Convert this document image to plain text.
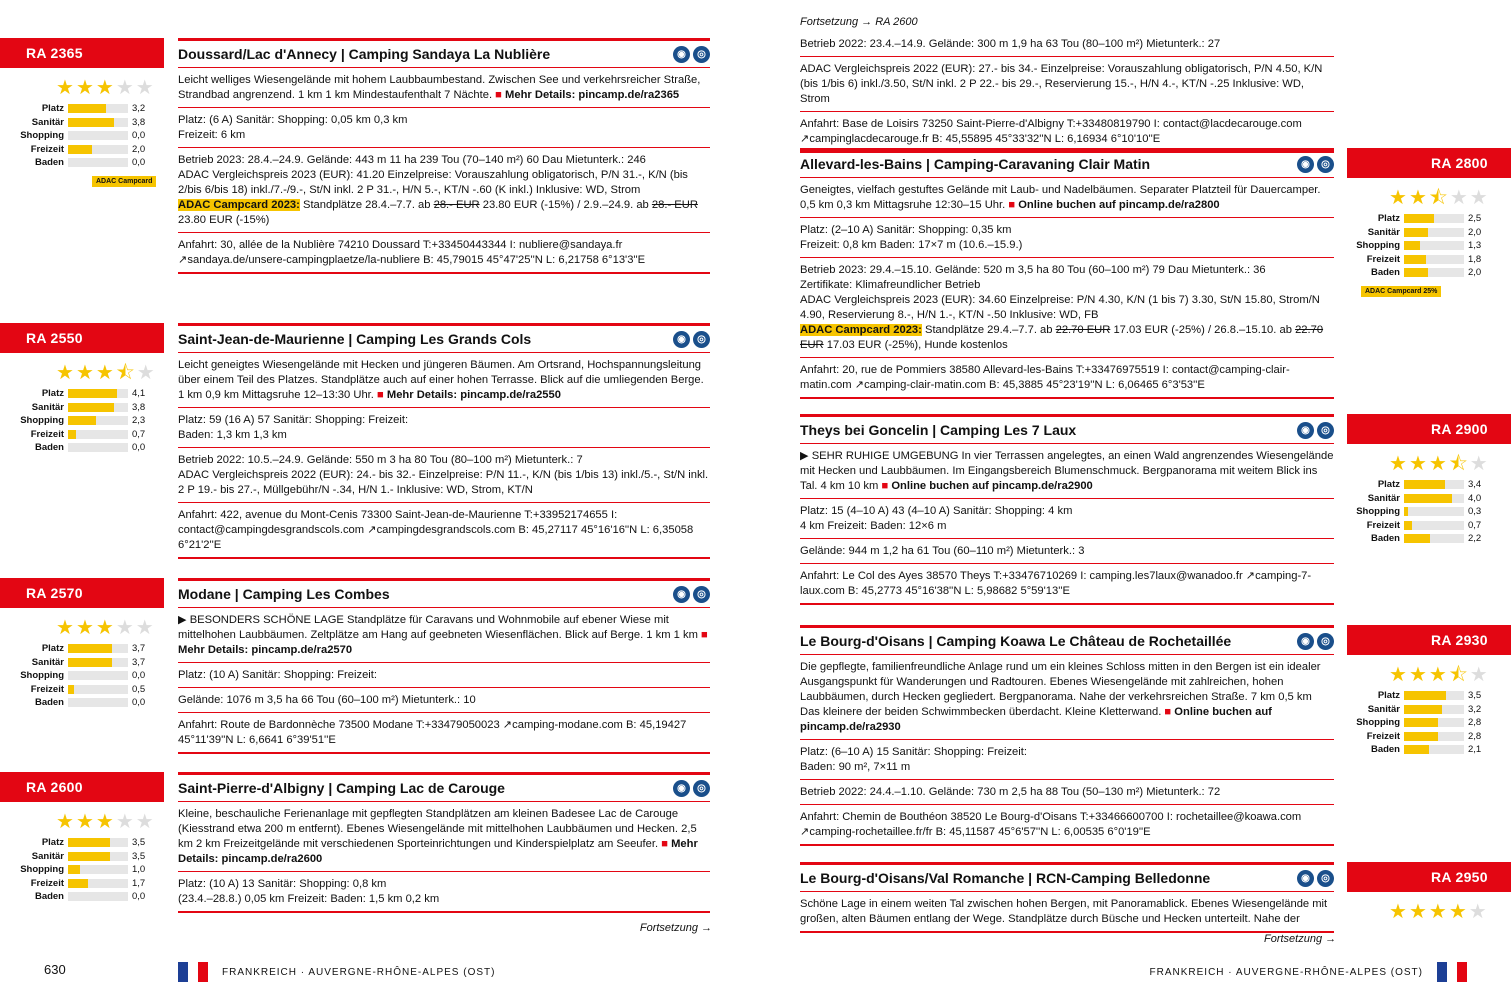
Fortsetzung →
630	FRANKREICH · AUVERGNE-RHÔNE-ALPES (OST)
RA 2365
★ ★ ★ ★ ★
Platz	3,2
Sanitär	3,8
Shopping	0,0
Freizeit	2,0
Baden	0,0
ADAC Campcard
Doussard/Lac d'Annecy | Camping Sandaya La Nublière	◉	◎
Leicht welliges Wiesengelände mit hohem Laubbaumbestand. Zwischen See und verkehrsreicher Straße, Strandbad angrenzend. 1 km 1 km Mindestaufenthalt 7 Nächte. ■ Mehr Details: pincamp.de/ra2365
Platz: (6 A) Sanitär: Shopping: 0,05 km 0,3 km
Freizeit: 6 km
Betrieb 2023: 28.4.–24.9. Gelände: 443 m 11 ha 239 Tou (70–140 m²) 60 Dau Mietunterk.: 246
ADAC Vergleichspreis 2023 (EUR): 41.20 Einzelpreise: Vorauszahlung obligatorisch, P/N 31.-, K/N (bis 2/bis 6/bis 18) inkl./7.-/9.-, St/N inkl. 2 P 31.-, H/N 5.-, KT/N -.60 (K inkl.) Inklusive: WD, Strom
ADAC Campcard 2023: Standplätze 28.4.–7.7. ab 28.- EUR 23.80 EUR (-15%) / 2.9.–24.9. ab 28.- EUR 23.80 EUR (-15%)
Anfahrt: 30, allée de la Nublière 74210 Doussard T:+33450443344 I: nubliere@sandaya.fr ↗sandaya.de/unsere-campingplaetze/la-nubliere B: 45,79015 45°47'25''N L: 6,21758 6°13'3''E
RA 2550
★ ★ ★ ⯪ ★
Platz	4,1
Sanitär	3,8
Shopping	2,3
Freizeit	0,7
Baden	0,0
Saint-Jean-de-Maurienne | Camping Les Grands Cols	◉	◎
Leicht geneigtes Wiesengelände mit Hecken und jüngeren Bäumen. Am Ortsrand, Hochspannungsleitung über einem Teil des Platzes. Standplätze auch auf einer hohen Terrasse. Blick auf die umliegenden Berge. 1 km 0,9 km Mittagsruhe 12–13:30 Uhr. ■ Mehr Details: pincamp.de/ra2550
Platz: 59 (16 A) 57 Sanitär: Shopping: Freizeit:
Baden: 1,3 km 1,3 km
Betrieb 2022: 10.5.–24.9. Gelände: 550 m 3 ha 80 Tou (80–100 m²) Mietunterk.: 7
ADAC Vergleichspreis 2022 (EUR): 24.- bis 32.- Einzelpreise: P/N 11.-, K/N (bis 1/bis 13) inkl./5.-, St/N inkl. 2 P 19.- bis 27.-, Müllgebühr/N -.34, H/N 1.- Inklusive: WD, Strom, KT/N
Anfahrt: 422, avenue du Mont-Cenis 73300 Saint-Jean-de-Maurienne T:+33952174655 I: contact@campingdesgrandscols.com ↗campingdesgrandscols.com B: 45,27117 45°16'16''N L: 6,35058 6°21'2''E
RA 2570
★ ★ ★ ★ ★
Platz	3,7
Sanitär	3,7
Shopping	0,0
Freizeit	0,5
Baden	0,0
Modane | Camping Les Combes	◉	◎
▶ BESONDERS SCHÖNE LAGE Standplätze für Caravans und Wohnmobile auf ebener Wiese mit mittelhohen Laubbäumen. Zeltplätze am Hang auf geebneten Wiesenflächen. Blick auf Berge. 1 km 1 km ■ Mehr Details: pincamp.de/ra2570
Platz: (10 A) Sanitär: Shopping: Freizeit:
Gelände: 1076 m 3,5 ha 66 Tou (60–100 m²) Mietunterk.: 10
Anfahrt: Route de Bardonnèche 73500 Modane T:+33479050023 ↗camping-modane.com B: 45,19427 45°11'39''N L: 6,6641 6°39'51''E
RA 2600
★ ★ ★ ★ ★
Platz	3,5
Sanitär	3,5
Shopping	1,0
Freizeit	1,7
Baden	0,0
Saint-Pierre-d'Albigny | Camping Lac de Carouge	◉	◎
Kleine, beschauliche Ferienanlage mit gepflegten Standplätzen am kleinen Badesee Lac de Carouge (Kiesstrand etwa 200 m entfernt). Ebenes Wiesengelände mit mittelhohen Laubbäumen und Hecken. 2,5 km 2 km Freizeitgelände mit verschiedenen Sporteinrichtungen und Kinderspielplatz am Seeufer. ■ Mehr Details: pincamp.de/ra2600
Platz: (10 A) 13 Sanitär: Shopping: 0,8 km
(23.4.–28.8.) 0,05 km Freizeit: Baden: 1,5 km 0,2 km
Fortsetzung → RA 2600
Betrieb 2022: 23.4.–14.9. Gelände: 300 m 1,9 ha 63 Tou (80–100 m²) Mietunterk.: 27
ADAC Vergleichspreis 2022 (EUR): 27.- bis 34.- Einzelpreise: Vorauszahlung obligatorisch, P/N 4.50, K/N (bis 1/bis 6) inkl./3.50, St/N inkl. 2 P 22.- bis 29.-, Reservierung 15.-, H/N 4.-, KT/N -.25 Inklusive: WD, Strom
Anfahrt: Base de Loisirs 73250 Saint-Pierre-d'Albigny T:+33480819790 I: contact@lacdecarouge.com ↗campinglacdecarouge.fr B: 45,55895 45°33'32''N L: 6,16934 6°10'10''E
Fortsetzung →
FRANKREICH · AUVERGNE-RHÔNE-ALPES (OST)
RA 2800
★ ★ ⯪ ★ ★
Platz	2,5
Sanitär	2,0
Shopping	1,3
Freizeit	1,8
Baden	2,0
ADAC Campcard 25%
Allevard-les-Bains | Camping-Caravaning Clair Matin	◉	◎
Geneigtes, vielfach gestuftes Gelände mit Laub- und Nadelbäumen. Separater Platzteil für Dauercamper. 0,5 km 0,3 km Mittagsruhe 12:30–15 Uhr. ■ Online buchen auf pincamp.de/ra2800
Platz: (2–10 A) Sanitär: Shopping: 0,35 km
Freizeit: 0,8 km Baden: 17×7 m (10.6.–15.9.)
Betrieb 2023: 29.4.–15.10. Gelände: 520 m 3,5 ha 80 Tou (60–100 m²) 79 Dau Mietunterk.: 36
Zertifikate: Klimafreundlicher Betrieb
ADAC Vergleichspreis 2023 (EUR): 34.60 Einzelpreise: P/N 4.30, K/N (1 bis 7) 3.30, St/N 15.80, Strom/N 4.90, Reservierung 8.-, H/N 1.-, KT/N -.50 Inklusive: WD, FB
ADAC Campcard 2023: Standplätze 29.4.–7.7. ab 22.70 EUR 17.03 EUR (-25%) / 26.8.–15.10. ab 22.70 EUR 17.03 EUR (-25%), Hunde kostenlos
Anfahrt: 20, rue de Pommiers 38580 Allevard-les-Bains T:+33476975519 I: contact@camping-clair-matin.com ↗camping-clair-matin.com B: 45,3885 45°23'19''N L: 6,06465 6°3'53''E
RA 2900
★ ★ ★ ⯪ ★
Platz	3,4
Sanitär	4,0
Shopping	0,3
Freizeit	0,7
Baden	2,2
Theys bei Goncelin | Camping Les 7 Laux	◉	◎
▶ SEHR RUHIGE UMGEBUNG In vier Terrassen angelegtes, an einen Wald angrenzendes Wiesengelände mit Hecken und Laubbäumen. Im Eingangsbereich Blumenschmuck. Bergpanorama mit weitem Blick ins Tal. 4 km 10 km ■ Online buchen auf pincamp.de/ra2900
Platz: 15 (4–10 A) 43 (4–10 A) Sanitär: Shopping: 4 km
4 km Freizeit: Baden: 12×6 m
Gelände: 944 m 1,2 ha 61 Tou (60–110 m²) Mietunterk.: 3
Anfahrt: Le Col des Ayes 38570 Theys T:+33476710269 I: camping.les7laux@wanadoo.fr ↗camping-7-laux.com B: 45,2773 45°16'38''N L: 5,98682 5°59'13''E
RA 2930
★ ★ ★ ⯪ ★
Platz	3,5
Sanitär	3,2
Shopping	2,8
Freizeit	2,8
Baden	2,1
Le Bourg-d'Oisans | Camping Koawa Le Château de Rochetaillée	◉	◎
Die gepflegte, familienfreundliche Anlage rund um ein kleines Schloss mitten in den Bergen ist ein idealer Ausgangspunkt für Wanderungen und Radtouren. Ebenes Wiesengelände mit zahlreichen, hohen Laubbäumen, durch Hecken gegliedert. Bergpanorama. Nahe der verkehrsreichen Straße. 7 km 0,5 km Das kleinere der beiden Schwimmbecken überdacht. Kleine Kletterwand. ■ Online buchen auf pincamp.de/ra2930
Platz: (6–10 A) 15 Sanitär: Shopping: Freizeit:
Baden: 90 m², 7×11 m
Betrieb 2022: 24.4.–1.10. Gelände: 730 m 2,5 ha 88 Tou (50–130 m²) Mietunterk.: 72
Anfahrt: Chemin de Bouthéon 38520 Le Bourg-d'Oisans T:+33466600700 I: rochetaillee@koawa.com ↗camping-rochetaillee.fr/fr B: 45,11587 45°6'57''N L: 6,00535 6°0'19''E
RA 2950
★ ★ ★ ★ ★
Le Bourg-d'Oisans/Val Romanche | RCN-Camping Belledonne	◉	◎
Schöne Lage in einem weiten Tal zwischen hohen Bergen, mit Panoramablick. Ebenes Wiesengelände mit großen, alten Bäumen entlang der Wege. Standplätze durch Büsche und Hecken unterteilt. Nahe der
